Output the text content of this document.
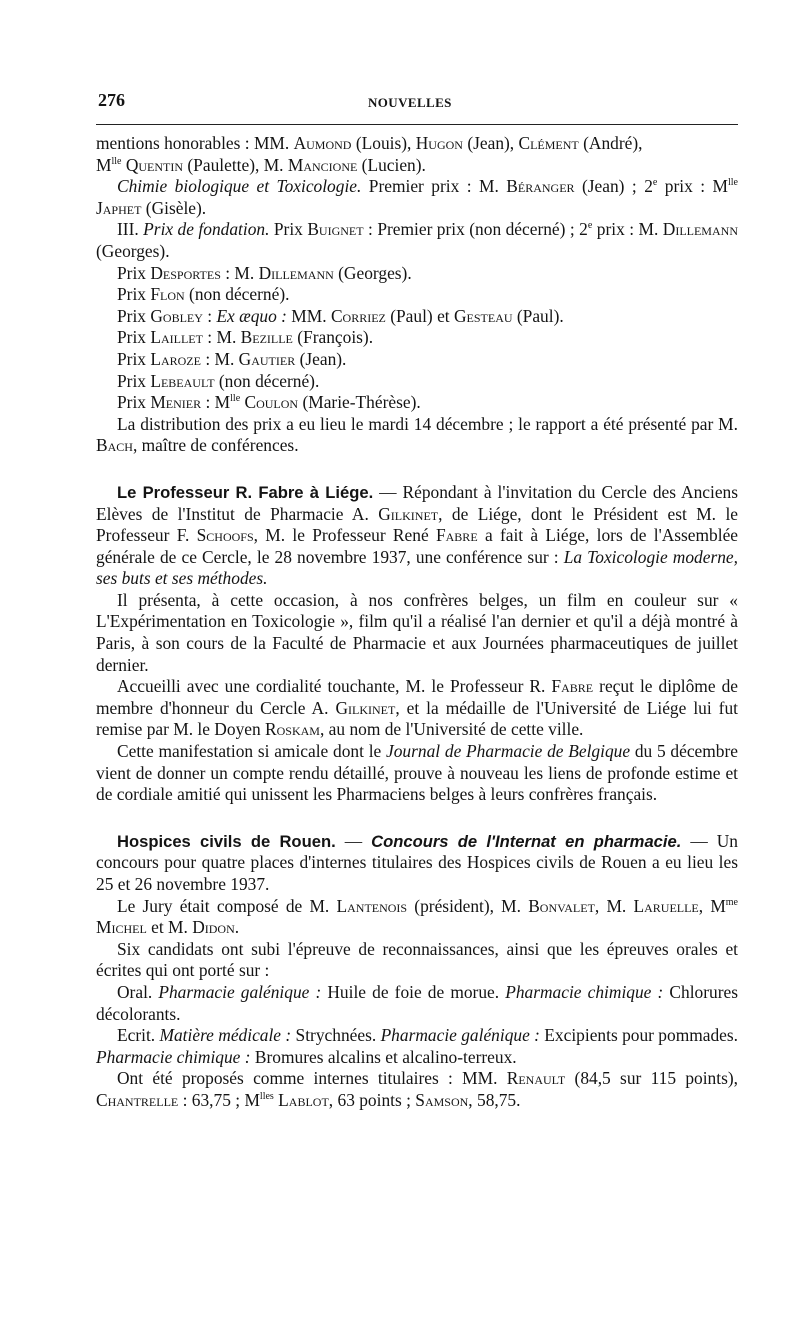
276	NOUVELLES

mentions honorables : MM. Aumond (Louis), Hugon (Jean), Clément (André),
$M^{lle}$ Quentin (Paulette), M. Mancione (Lucien).

Chimie biologique et Toxicologie. Premier prix : M. Béranger (Jean) ; 2e prix : $M^{lle}$ Japhet (Gisèle).

III. Prix de fondation. Prix Buignet : Premier prix (non décerné) ; 2e prix : M. Dillemann (Georges).

Prix Desportes : M. Dillemann (Georges).

Prix Flon (non décerné).

Prix Gobley : Ex æquo : MM. Corriez (Paul) et Gesteau (Paul).

Prix Laillet : M. Bezille (François).

Prix Laroze : M. Gautier (Jean).

Prix Lebeault (non décerné).

Prix Menier : $M^{lle}$ Coulon (Marie-Thérèse).

La distribution des prix a eu lieu le mardi 14 décembre ; le rapport a été présenté par M. Bach, maître de conférences.

Le Professeur R. Fabre à Liége. — Répondant à l'invitation du Cercle des Anciens Elèves de l'Institut de Pharmacie A. Gilkinet, de Liége, dont le Président est M. le Professeur F. Schoofs, M. le Professeur René Fabre a fait à Liége, lors de l'Assemblée générale de ce Cercle, le 28 novembre 1937, une conférence sur : La Toxicologie moderne, ses buts et ses méthodes.

Il présenta, à cette occasion, à nos confrères belges, un film en couleur sur « L'Expérimentation en Toxicologie », film qu'il a réalisé l'an dernier et qu'il a déjà montré à Paris, à son cours de la Faculté de Pharmacie et aux Journées pharmaceutiques de juillet dernier.

Accueilli avec une cordialité touchante, M. le Professeur R. Fabre reçut le diplôme de membre d'honneur du Cercle A. Gilkinet, et la médaille de l'Université de Liége lui fut remise par M. le Doyen Roskam, au nom de l'Université de cette ville.

Cette manifestation si amicale dont le Journal de Pharmacie de Belgique du 5 décembre vient de donner un compte rendu détaillé, prouve à nouveau les liens de profonde estime et de cordiale amitié qui unissent les Pharmaciens belges à leurs confrères français.

Hospices civils de Rouen. — Concours de l'Internat en pharmacie. — Un concours pour quatre places d'internes titulaires des Hospices civils de Rouen a eu lieu les 25 et 26 novembre 1937.

Le Jury était composé de M. Lantenois (président), M. Bonvalet, M. Laruelle, $M^{me}$ Michel et M. Didon.

Six candidats ont subi l'épreuve de reconnaissances, ainsi que les épreuves orales et écrites qui ont porté sur :

Oral. Pharmacie galénique : Huile de foie de morue. Pharmacie chimique : Chlorures décolorants.

Ecrit. Matière médicale : Strychnées. Pharmacie galénique : Excipients pour pommades. Pharmacie chimique : Bromures alcalins et alcalino-terreux.

Ont été proposés comme internes titulaires : MM. Renault (84,5 sur 115 points), Chantrelle : 63,75 ; $M^{lles}$ Lablot, 63 points ; Samson, 58,75.
